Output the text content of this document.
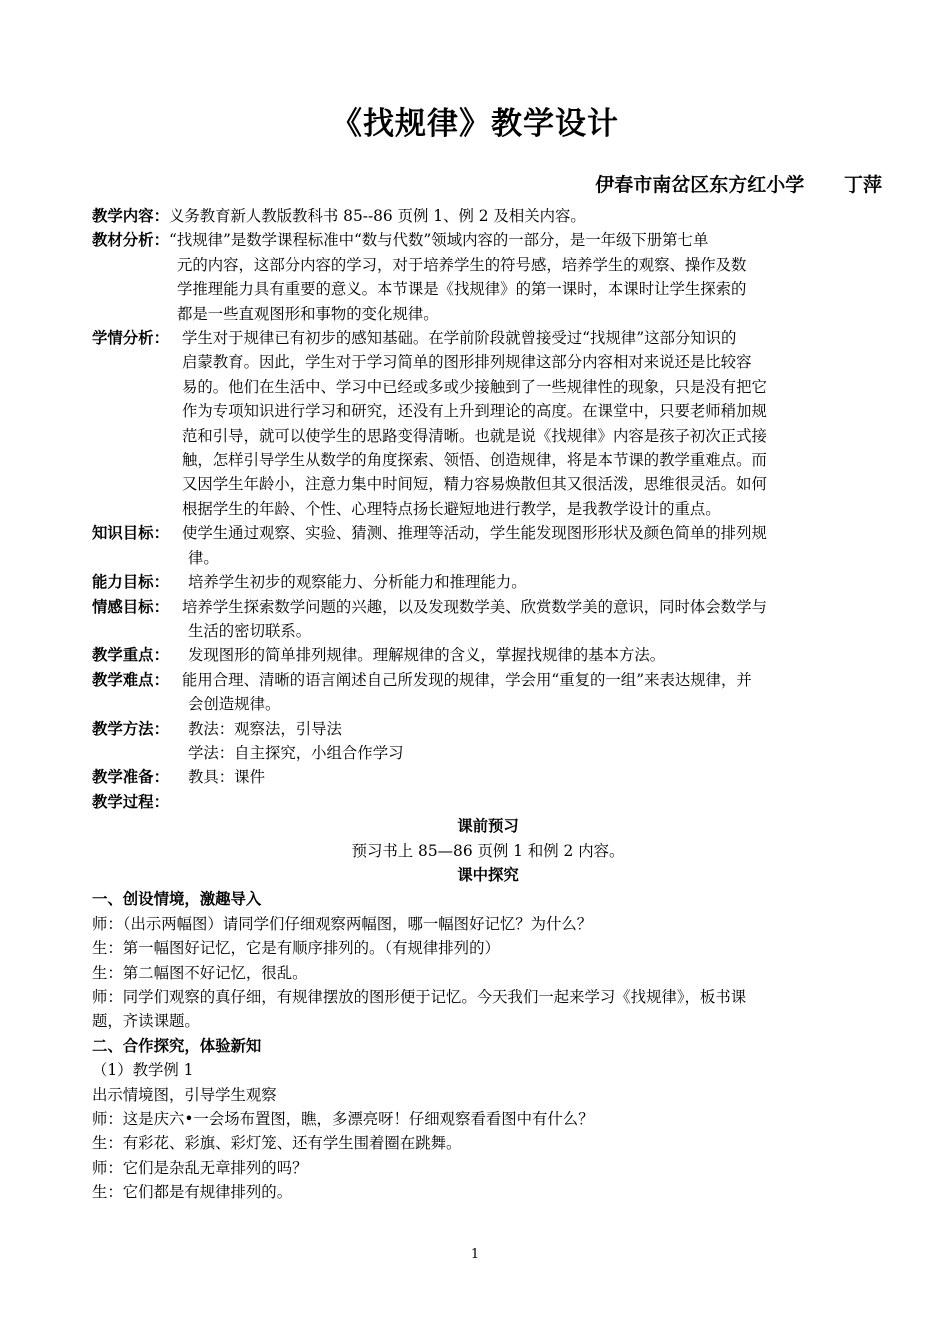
《找规律》教学设计
伊春市南岔区东方红小学      丁萍
教学内容： 义务教育新人教版教科书 85--86 页例 1、例 2 及相关内容。
教材分析： “找规律”是数学课程标准中“数与代数”领域内容的一部分，是一年级下册第七单
元的内容，这部分内容的学习，对于培养学生的符号感，培养学生的观察、操作及数
学推理能力具有重要的意义。本节课是《找规律》的第一课时，本课时让学生探索的
都是一些直观图形和事物的变化规律。
学情分析： 学生对于规律已有初步的感知基础。在学前阶段就曾接受过“找规律”这部分知识的
启蒙教育。因此，学生对于学习简单的图形排列规律这部分内容相对来说还是比较容
易的。他们在生活中、学习中已经或多或少接触到了一些规律性的现象，只是没有把它
作为专项知识进行学习和研究，还没有上升到理论的高度。在课堂中，只要老师稍加规
范和引导，就可以使学生的思路变得清晰。也就是说《找规律》内容是孩子初次正式接
触，怎样引导学生从数学的角度探索、领悟、创造规律，将是本节课的教学重难点。而
又因学生年龄小，注意力集中时间短，精力容易焕散但其又很活泼，思维很灵活。如何
根据学生的年龄、个性、心理特点扬长避短地进行教学，是我教学设计的重点。
知识目标： 使学生通过观察、实验、猜测、推理等活动，学生能发现图形形状及颜色简单的排列规
律。
能力目标：	培养学生初步的观察能力、分析能力和推理能力。
情感目标： 培养学生探索数学问题的兴趣，以及发现数学美、欣赏数学美的意识，同时体会数学与
生活的密切联系。
教学重点：	发现图形的简单排列规律。理解规律的含义，掌握找规律的基本方法。
教学难点： 能用合理、清晰的语言阐述自己所发现的规律，学会用“重复的一组”来表达规律，并
会创造规律。
教学方法：	教法：观察法，引导法
学法：自主探究，小组合作学习
教学准备：	教具：课件
教学过程：
课前预习
预习书上 85—86 页例 1 和例 2 内容。
课中探究
一、创设情境，激趣导入
师：（出示两幅图）请同学们仔细观察两幅图，哪一幅图好记忆？为什么？
生：第一幅图好记忆，它是有顺序排列的。（有规律排列的）
生：第二幅图不好记忆，很乱。
师：同学们观察的真仔细，有规律摆放的图形便于记忆。今天我们一起来学习《找规律》，板书课
题，齐读课题。
二、合作探究，体验新知
（1）教学例 1
出示情境图，引导学生观察
师：这是庆六•一会场布置图，瞧，多漂亮呀！仔细观察看看图中有什么？
生：有彩花、彩旗、彩灯笼、还有学生围着圈在跳舞。
师：它们是杂乱无章排列的吗？
生：它们都是有规律排列的。
1
